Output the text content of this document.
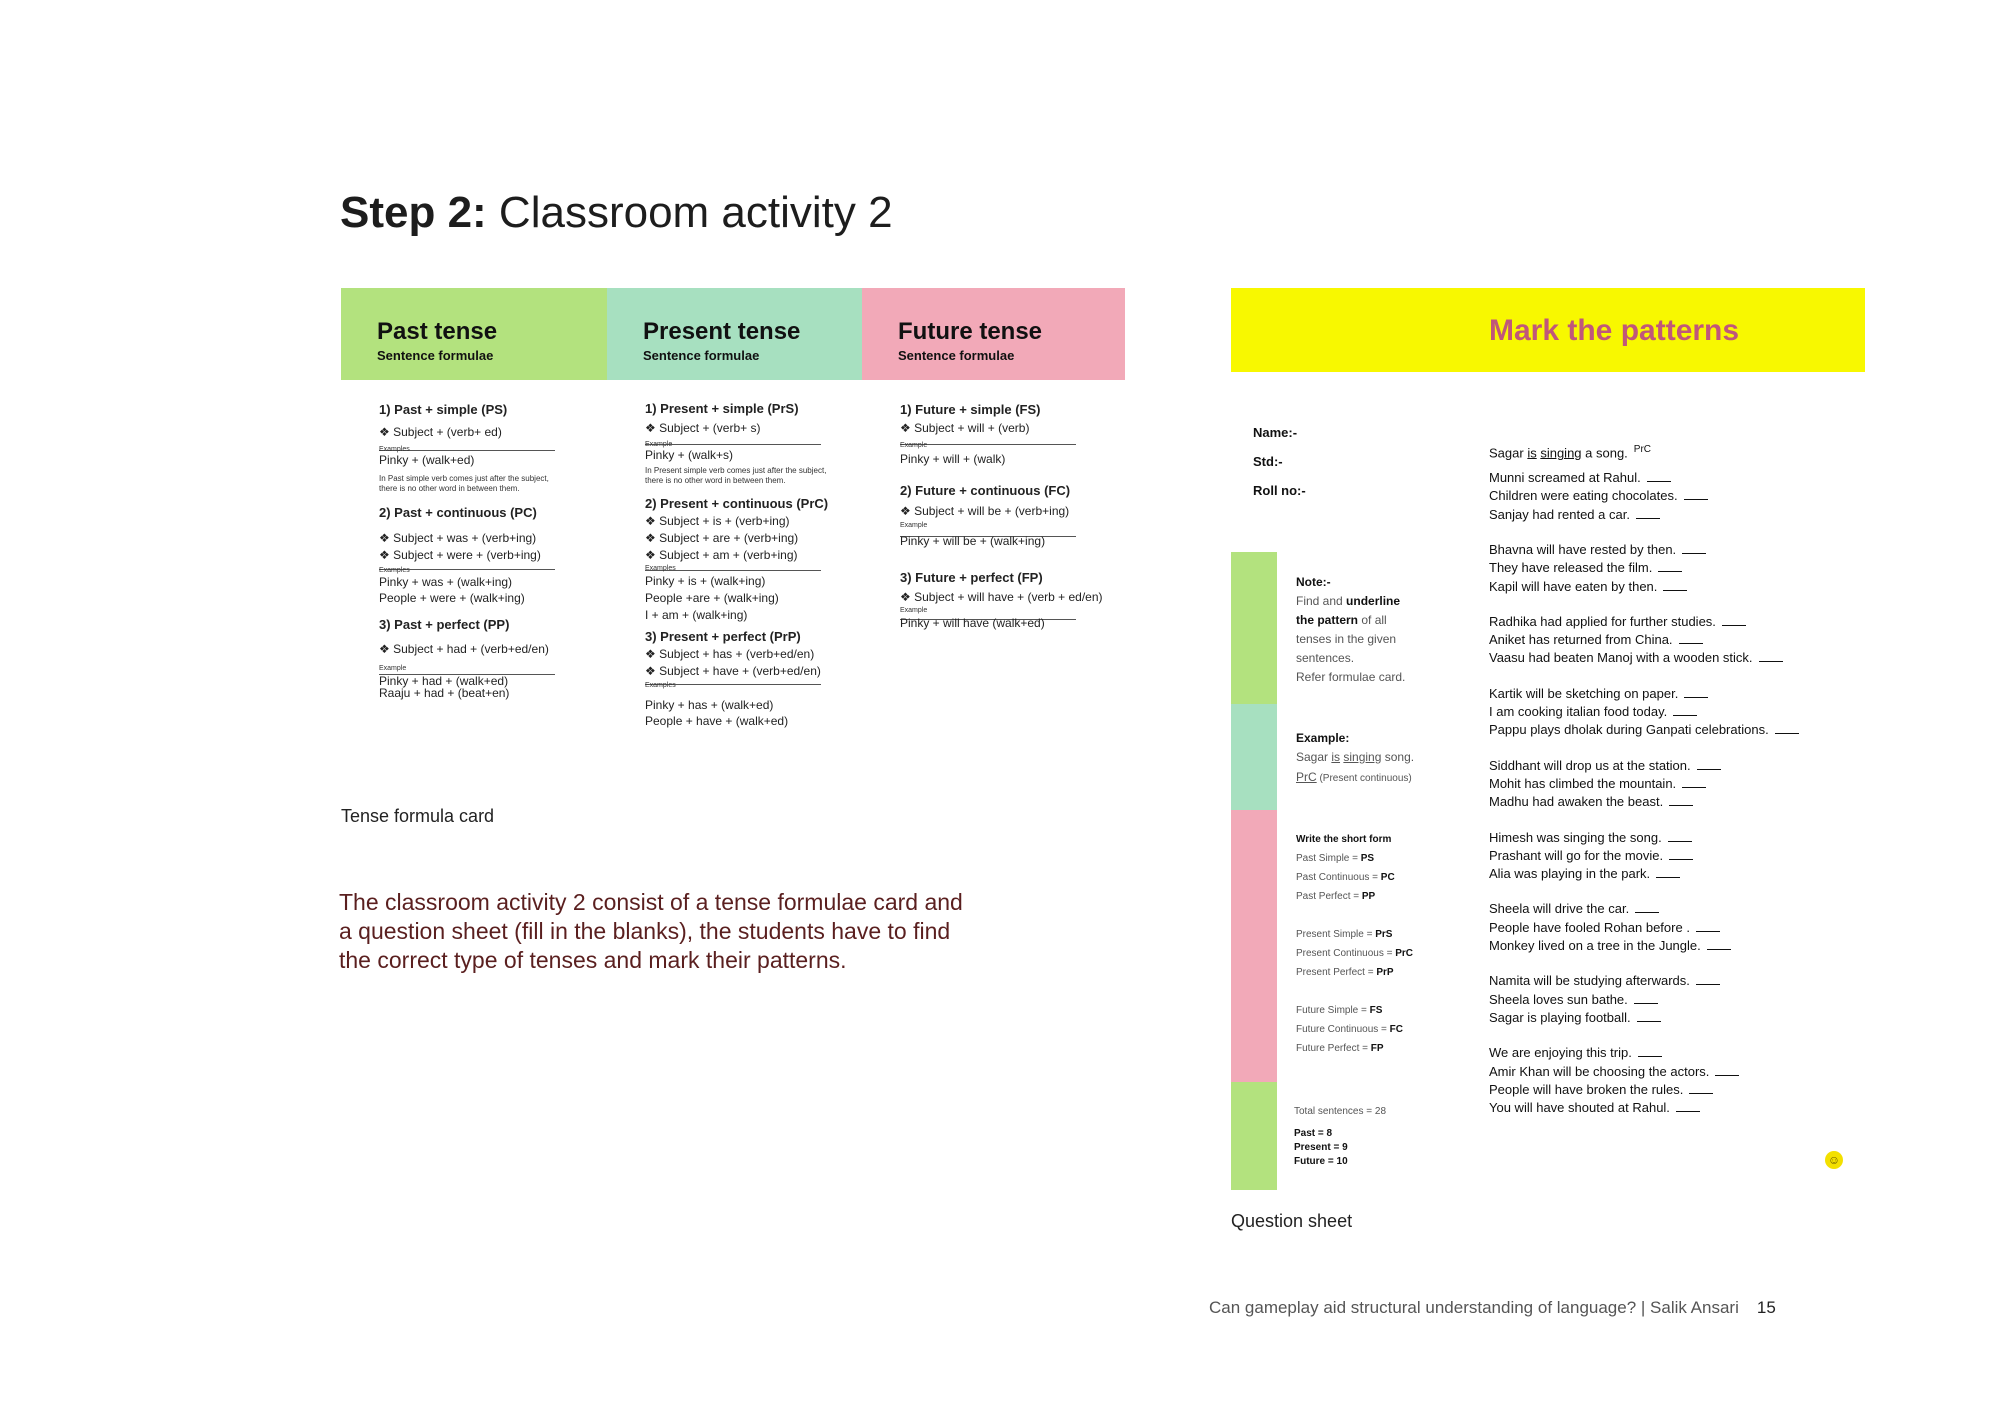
Step 2: Classroom activity 2
Past tense
Sentence formulae
1) Past + simple (PS)
❖ Subject + (verb+ ed)
Examples
Pinky + (walk+ed)
In Past simple verb comes just after the subject,
there is no other word in between them.
2) Past + continuous (PC)
❖ Subject + was + (verb+ing)
❖ Subject + were + (verb+ing)
Examples
Pinky + was + (walk+ing)
People + were + (walk+ing)
3) Past + perfect (PP)
❖ Subject + had + (verb+ed/en)
Example
Pinky + had + (walk+ed)
Raaju + had + (beat+en)
Present tense
Sentence formulae
1) Present + simple (PrS)
❖ Subject + (verb+ s)
Example
Pinky + (walk+s)
In Present simple verb comes just after the subject,
there is no other word in between them.
2) Present + continuous (PrC)
❖ Subject + is + (verb+ing)
❖ Subject + are + (verb+ing)
❖ Subject + am + (verb+ing)
Examples
Pinky + is + (walk+ing)
People +are + (walk+ing)
I + am + (walk+ing)
3) Present + perfect (PrP)
❖ Subject + has + (verb+ed/en)
❖ Subject + have + (verb+ed/en)
Examples
Pinky + has + (walk+ed)
People + have + (walk+ed)
Future tense
Sentence formulae
1) Future + simple (FS)
❖ Subject + will + (verb)
Example
Pinky + will + (walk)
2) Future + continuous (FC)
❖ Subject + will be + (verb+ing)
Example
Pinky + will be + (walk+ing)
3) Future + perfect (FP)
❖ Subject + will have + (verb + ed/en)
Example
Pinky + will have (walk+ed)
Tense formula card
The classroom activity 2 consist of a tense formulae card and a question sheet (fill in the blanks), the students have to find the correct type of tenses and mark their patterns.
Mark the patterns
Name:-
Std:-
Roll no:-
Note:-
Find and underline
the pattern of all
tenses in the given
sentences.
Refer formulae card.
Example:
Sagar is singing song.
PrC (Present continuous)
Write the short form
Past Simple = PS
Past Continuous = PC
Past Perfect = PP
Present Simple = PrS
Present Continuous = PrC
Present Perfect = PrP
Future Simple = FS
Future Continuous = FC
Future Perfect = FP
Total sentences = 28
Past = 8
Present = 9
Future = 10
Sagar is singing a song. $^{PrC}$
Munni screamed at Rahul.
Children were eating chocolates.
Sanjay had rented a car.
Bhavna will have rested by then.
They have released the film.
Kapil will have eaten by then.
Radhika had applied for further studies.
Aniket has returned from China.
Vaasu had beaten Manoj with a wooden stick.
Kartik will be sketching on paper.
I am cooking italian food today.
Pappu plays dholak during Ganpati celebrations.
Siddhant will drop us at the station.
Mohit has climbed the mountain.
Madhu had awaken the beast.
Himesh was singing the song.
Prashant will go for the movie.
Alia was playing in the park.
Sheela will drive the car.
People have fooled Rohan before .
Monkey lived on a tree in the Jungle.
Namita will be studying afterwards.
Sheela loves sun bathe.
Sagar is playing football.
We are enjoying this trip.
Amir Khan will be choosing the actors.
People will have broken the rules.
You will have shouted at Rahul.
Question sheet
☺
Can gameplay aid structural understanding of language? | Salik Ansari 15
